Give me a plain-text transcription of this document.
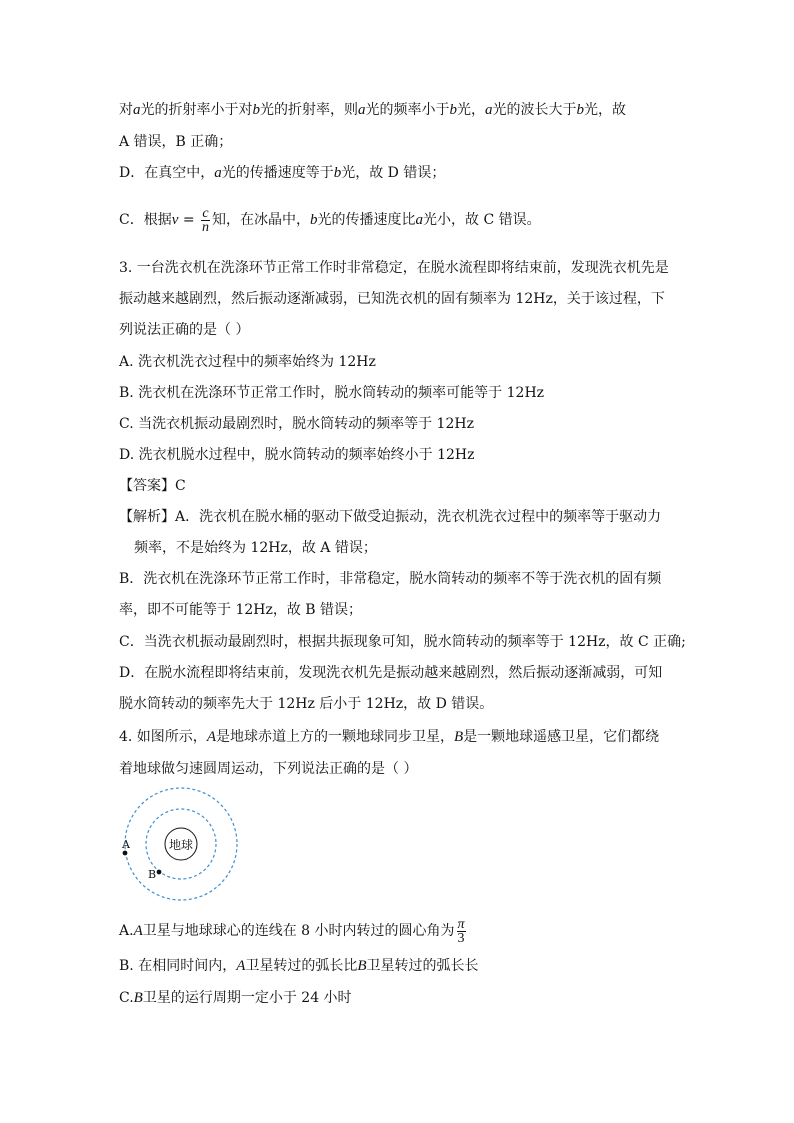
对a光的折射率小于对b光的折射率，则a光的频率小于b光，a光的波长大于b光，故
A 错误，B 正确；
D．在真空中，a光的传播速度等于b光，故 D 错误；
C．根据$v = \frac{c}{n}$ 知，在冰晶中，b光的传播速度比a光小，故 C 错误。
3. 一台洗衣机在洗涤环节正常工作时非常稳定，在脱水流程即将结束前，发现洗衣机先是
振动越来越剧烈，然后振动逐渐减弱，已知洗衣机的固有频率为 12Hz，关于该过程，下
列说法正确的是（ ）
A. 洗衣机洗衣过程中的频率始终为 12Hz
B. 洗衣机在洗涤环节正常工作时，脱水筒转动的频率可能等于 12Hz
C. 当洗衣机振动最剧烈时，脱水筒转动的频率等于 12Hz
D. 洗衣机脱水过程中，脱水筒转动的频率始终小于 12Hz
【答案】C
【解析】A．洗衣机在脱水桶的驱动下做受迫振动，洗衣机洗衣过程中的频率等于驱动力
频率，不是始终为 12Hz，故 A 错误；
B．洗衣机在洗涤环节正常工作时，非常稳定，脱水筒转动的频率不等于洗衣机的固有频
率，即不可能等于 12Hz，故 B 错误；
C．当洗衣机振动最剧烈时，根据共振现象可知，脱水筒转动的频率等于 12Hz，故 C 正确;
D．在脱水流程即将结束前，发现洗衣机先是振动越来越剧烈，然后振动逐渐减弱，可知
脱水筒转动的频率先大于 12Hz 后小于 12Hz，故 D 错误。
4. 如图所示，A是地球赤道上方的一颗地球同步卫星，B是一颗地球遥感卫星，它们都绕
着地球做匀速圆周运动，下列说法正确的是（ ）
地球
A
B
A.A卫星与地球球心的连线在 8 小时内转过的圆心角为 $\frac{\pi}{3}$
B. 在相同时间内，A卫星转过的弧长比B卫星转过的弧长长
C.B卫星的运行周期一定小于 24 小时
